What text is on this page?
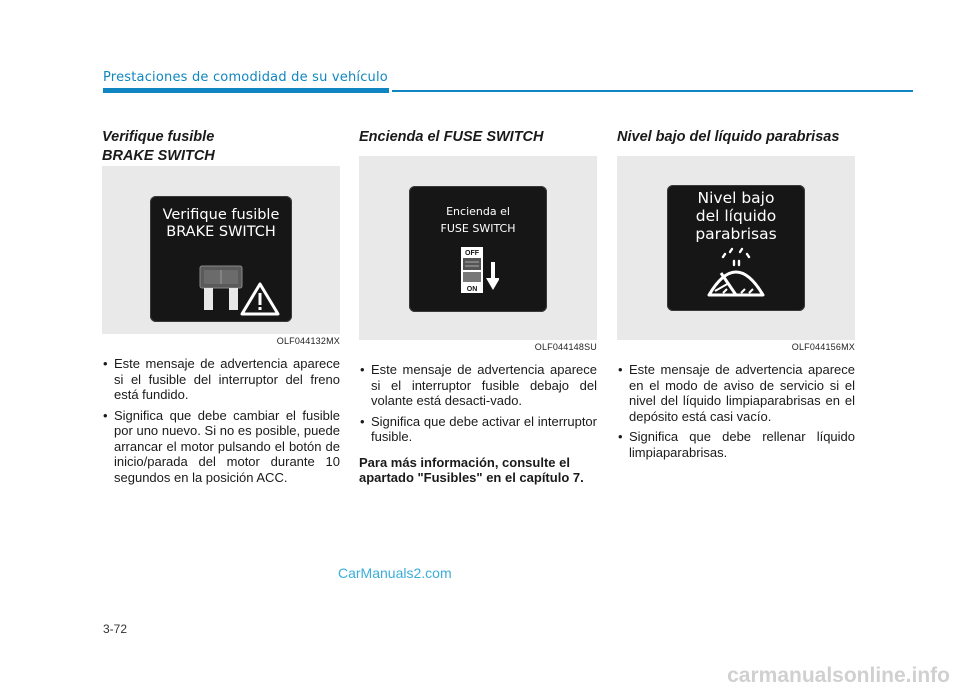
Prestaciones de comodidad de su vehículo
Verifique fusible
BRAKE SWITCH
Verifique fusible
BRAKE SWITCH
OLF044132MX
• Este mensaje de advertencia aparece si el fusible del interruptor del freno está fundido.
• Significa que debe cambiar el fusible por uno nuevo. Si no es posible, puede arrancar el motor pulsando el botón de inicio/parada del motor durante 10 segundos en la posición ACC.
Encienda el FUSE SWITCH
Encienda el
FUSE SWITCH
OFF
ON
OLF044148SU
• Este mensaje de advertencia aparece si el interruptor fusible debajo del volante está desacti-vado.
• Significa que debe activar el interruptor fusible.
Para más información, consulte el apartado "Fusibles" en el capítulo 7.
Nivel bajo del líquido parabrisas
Nivel bajo
del líquido
parabrisas
OLF044156MX
• Este mensaje de advertencia aparece en el modo de aviso de servicio si el nivel del líquido limpiaparabrisas en el depósito está casi vacío.
• Significa que debe rellenar líquido limpiaparabrisas.
CarManuals2.com
3-72
carmanualsonline.info
